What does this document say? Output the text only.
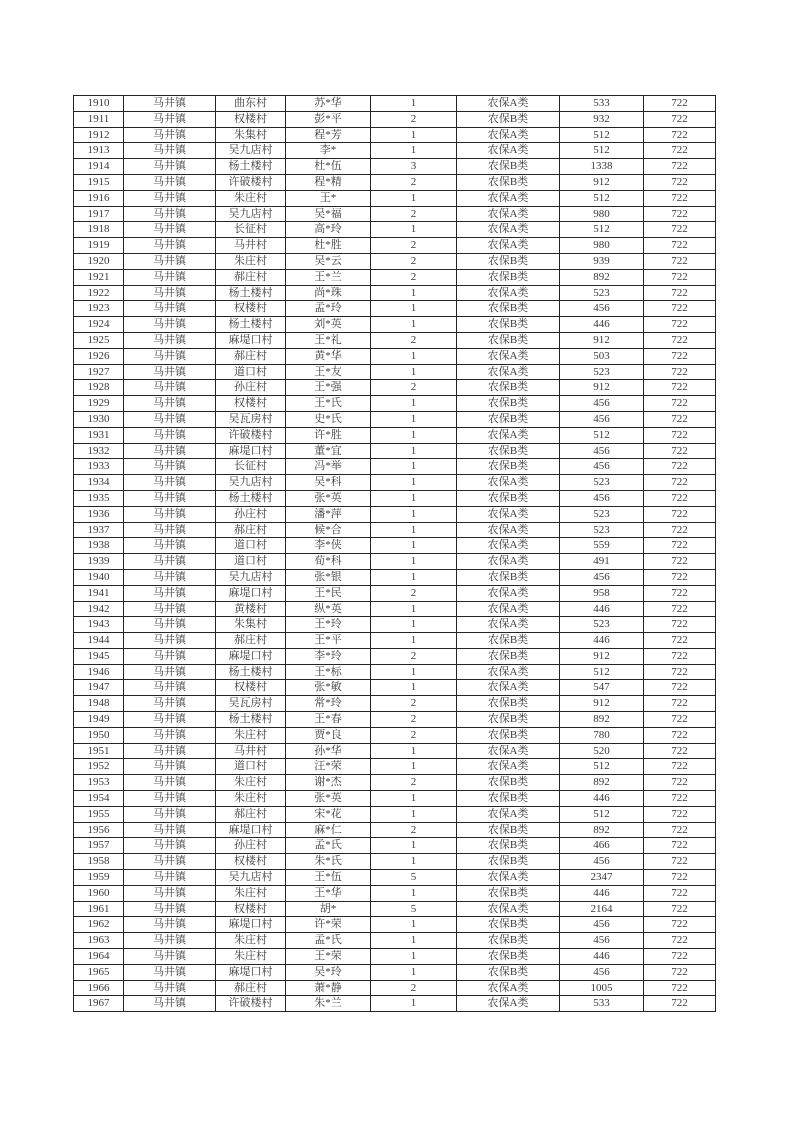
1910	马井镇	曲东村	苏*华	1	农保A类	533	722
1911	马井镇	权楼村	彭*平	2	农保B类	932	722
1912	马井镇	朱集村	程*芳	1	农保A类	512	722
1913	马井镇	吴九店村	李*	1	农保A类	512	722
1914	马井镇	杨土楼村	杜*伍	3	农保B类	1338	722
1915	马井镇	许破楼村	程*精	2	农保B类	912	722
1916	马井镇	朱庄村	王*	1	农保A类	512	722
1917	马井镇	吴九店村	吴*福	2	农保A类	980	722
1918	马井镇	长征村	高*玲	1	农保A类	512	722
1919	马井镇	马井村	杜*胜	2	农保A类	980	722
1920	马井镇	朱庄村	吴*云	2	农保B类	939	722
1921	马井镇	郝庄村	王*兰	2	农保B类	892	722
1922	马井镇	杨土楼村	尚*珠	1	农保A类	523	722
1923	马井镇	权楼村	孟*玲	1	农保B类	456	722
1924	马井镇	杨土楼村	刘*英	1	农保B类	446	722
1925	马井镇	麻堤口村	王*礼	2	农保B类	912	722
1926	马井镇	郝庄村	黄*华	1	农保A类	503	722
1927	马井镇	道口村	王*友	1	农保A类	523	722
1928	马井镇	孙庄村	王*强	2	农保B类	912	722
1929	马井镇	权楼村	王*氏	1	农保B类	456	722
1930	马井镇	吴瓦房村	史*氏	1	农保B类	456	722
1931	马井镇	许破楼村	许*胜	1	农保A类	512	722
1932	马井镇	麻堤口村	董*宜	1	农保B类	456	722
1933	马井镇	长征村	冯*举	1	农保B类	456	722
1934	马井镇	吴九店村	吴*科	1	农保A类	523	722
1935	马井镇	杨土楼村	张*英	1	农保B类	456	722
1936	马井镇	孙庄村	潘*萍	1	农保A类	523	722
1937	马井镇	郝庄村	候*合	1	农保A类	523	722
1938	马井镇	道口村	李*侠	1	农保A类	559	722
1939	马井镇	道口村	荀*科	1	农保A类	491	722
1940	马井镇	吴九店村	张*银	1	农保B类	456	722
1941	马井镇	麻堤口村	王*民	2	农保A类	958	722
1942	马井镇	黄楼村	纵*英	1	农保A类	446	722
1943	马井镇	朱集村	王*玲	1	农保A类	523	722
1944	马井镇	郝庄村	王*平	1	农保B类	446	722
1945	马井镇	麻堤口村	李*玲	2	农保B类	912	722
1946	马井镇	杨土楼村	王*标	1	农保A类	512	722
1947	马井镇	权楼村	张*敏	1	农保A类	547	722
1948	马井镇	吴瓦房村	常*玲	2	农保B类	912	722
1949	马井镇	杨土楼村	王*春	2	农保B类	892	722
1950	马井镇	朱庄村	贾*良	2	农保B类	780	722
1951	马井镇	马井村	孙*华	1	农保A类	520	722
1952	马井镇	道口村	汪*荣	1	农保A类	512	722
1953	马井镇	朱庄村	谢*杰	2	农保B类	892	722
1954	马井镇	朱庄村	张*英	1	农保B类	446	722
1955	马井镇	郝庄村	宋*花	1	农保A类	512	722
1956	马井镇	麻堤口村	麻*仁	2	农保B类	892	722
1957	马井镇	孙庄村	孟*氏	1	农保B类	466	722
1958	马井镇	权楼村	朱*氏	1	农保B类	456	722
1959	马井镇	吴九店村	王*伍	5	农保A类	2347	722
1960	马井镇	朱庄村	王*华	1	农保B类	446	722
1961	马井镇	权楼村	胡*	5	农保A类	2164	722
1962	马井镇	麻堤口村	许*荣	1	农保B类	456	722
1963	马井镇	朱庄村	孟*氏	1	农保B类	456	722
1964	马井镇	朱庄村	王*荣	1	农保B类	446	722
1965	马井镇	麻堤口村	吴*玲	1	农保B类	456	722
1966	马井镇	郝庄村	萧*静	2	农保A类	1005	722
1967	马井镇	许破楼村	朱*兰	1	农保A类	533	722
